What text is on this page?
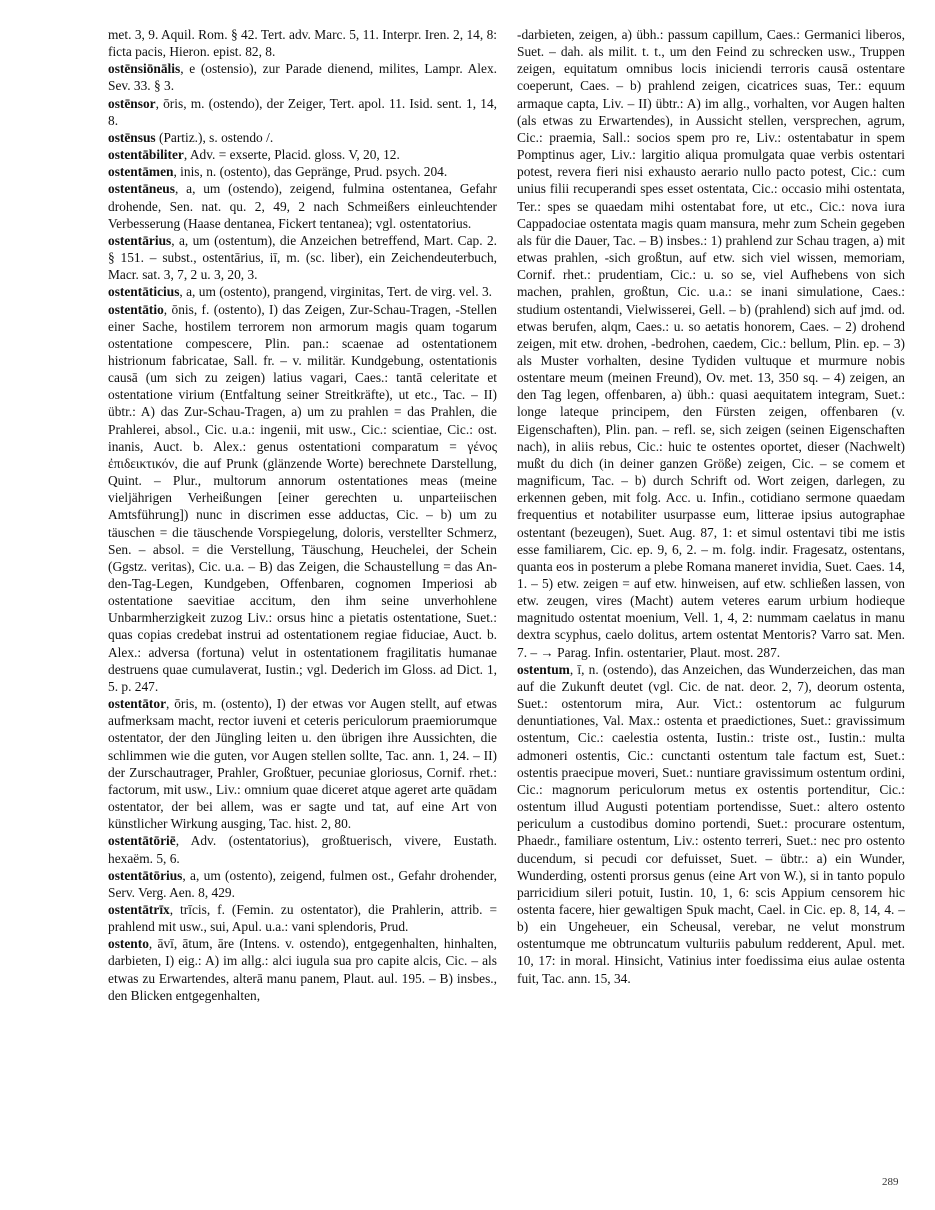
met. 3, 9. Aquil. Rom. § 42. Tert. adv. Marc. 5, 11. Interpr. Iren. 2, 14, 8: ficta pacis, Hieron. epist. 82, 8.

ostēnsiōnālis, e (ostensio), zur Parade dienend, milites, Lampr. Alex. Sev. 33. § 3.

ostēnsor, ōris, m. (ostendo), der Zeiger, Tert. apol. 11. Isid. sent. 1, 14, 8.

ostēnsus (Partiz.), s. ostendo /.

ostentābiliter, Adv. = exserte, Placid. gloss. V, 20, 12.

ostentāmen, inis, n. (ostento), das Gepränge, Prud. psych. 204.

ostentāneus, a, um (ostendo), zeigend, fulmina ostentanea, Gefahr drohende, Sen. nat. qu. 2, 49, 2 nach Schmeißers einleuchtender Verbesserung (Haase dentanea, Fickert tentanea); vgl. ostentatorius.

ostentārius, a, um (ostentum), die Anzeichen betreffend, Mart. Cap. 2. § 151. – subst., ostentārius, iī, m. (sc. liber), ein Zeichendeuterbuch, Macr. sat. 3, 7, 2 u. 3, 20, 3.

ostentāticius, a, um (ostento), prangend, virginitas, Tert. de virg. vel. 3.

ostentātio, ōnis, f. (ostento), I) das Zeigen, Zur-Schau-Tragen, -Stellen einer Sache, hostilem terrorem non armorum magis quam togarum ostentatione compescere, Plin. pan.: scaenae ad ostentationem histrionum fabricatae, Sall. fr. – v. militär. Kundgebung, ostentationis causā (um sich zu zeigen) latius vagari, Caes.: tantā celeritate et ostentatione virium (Entfaltung seiner Streitkräfte), ut etc., Tac. – II) übtr.: A) das Zur-Schau-Tragen, a) um zu prahlen = das Prahlen, die Prahlerei, absol., Cic. u.a.: ingenii, mit usw., Cic.: scientiae, Cic.: ost. inanis, Auct. b. Alex.: genus ostentationi comparatum = γένος ἐπιδεικτικόν, die auf Prunk (glänzende Worte) berechnete Darstellung, Quint. – Plur., multorum annorum ostentationes meas (meine vieljährigen Verheißungen [einer gerechten u. unparteiischen Amtsführung]) nunc in discrimen esse adductas, Cic. – b) um zu täuschen = die täuschende Vorspiegelung, doloris, verstellter Schmerz, Sen. – absol. = die Verstellung, Täuschung, Heuchelei, der Schein (Ggstz. veritas), Cic. u.a. – B) das Zeigen, die Schaustellung = das An-den-Tag-Legen, Kundgeben, Offenbaren, cognomen Imperiosi ab ostentatione saevitiae accitum, den ihm seine unverhohlene Unbarmherzigkeit zuzog Liv.: orsus hinc a pietatis ostentatione, Suet.: quas copias credebat instrui ad ostentationem regiae fiduciae, Auct. b. Alex.: adversa (fortuna) velut in ostentationem fragilitatis humanae destruens quae cumulaverat, Iustin.; vgl. Dederich im Gloss. ad Dict. 1, 5. p. 247.

ostentātor, ōris, m. (ostento), I) der etwas vor Augen stellt, auf etwas aufmerksam macht, rector iuveni et ceteris periculorum praemiorumque ostentator, der den Jüngling leiten u. den übrigen ihre Aussichten, die schlimmen wie die guten, vor Augen stellen sollte, Tac. ann. 1, 24. – II) der Zurschautrager, Prahler, Großtuer, pecuniae gloriosus, Cornif. rhet.: factorum, mit usw., Liv.: omnium quae diceret atque ageret arte quādam ostentator, der bei allem, was er sagte und tat, auf eine Art von künstlicher Wirkung ausging, Tac. hist. 2, 80.

ostentātōriē, Adv. (ostentatorius), großtuerisch, vivere, Eustath. hexaëm. 5, 6.

ostentātōrius, a, um (ostento), zeigend, fulmen ost., Gefahr drohender, Serv. Verg. Aen. 8, 429.

ostentātrīx, trīcis, f. (Femin. zu ostentator), die Prahlerin, attrib. = prahlend mit usw., sui, Apul. u.a.: vani splendoris, Prud.

ostento, āvī, ātum, āre (Intens. v. ostendo), entgegenhalten, hinhalten, darbieten, I) eig.: A) im allg.: alci iugula sua pro capite alcis, Cic. – als etwas zu Erwartendes, alterā manu panem, Plaut. aul. 195. – B) insbes., den Blicken entgegenhalten,

-darbieten, zeigen, a) übh.: passum capillum, Caes.: Germanici liberos, Suet. – dah. als milit. t. t., um den Feind zu schrecken usw., Truppen zeigen, equitatum omnibus locis iniciendi terroris causā ostentare coeperunt, Caes. – b) prahlend zeigen, cicatrices suas, Ter.: equum armaque capta, Liv. – II) übtr.: A) im allg., vorhalten, vor Augen halten (als etwas zu Erwartendes), in Aussicht stellen, versprechen, agrum, Cic.: praemia, Sall.: socios spem pro re, Liv.: ostentabatur in spem Pomptinus ager, Liv.: largitio aliqua promulgata quae verbis ostentari potest, revera fieri nisi exhausto aerario nullo pacto potest, Cic.: cum unius filii recuperandi spes esset ostentata, Cic.: occasio mihi ostentata, Ter.: spes se quaedam mihi ostentabat fore, ut etc., Cic.: nova iura Cappadociae ostentata magis quam mansura, mehr zum Schein gegeben als für die Dauer, Tac. – B) insbes.: 1) prahlend zur Schau tragen, a) mit etwas prahlen, -sich großtun, auf etw. sich viel wissen, memoriam, Cornif. rhet.: prudentiam, Cic.: u. so se, viel Aufhebens von sich machen, prahlen, großtun, Cic. u.a.: se inani simulatione, Caes.: studium ostentandi, Vielwisserei, Gell. – b) (prahlend) sich auf jmd. od. etwas berufen, alqm, Caes.: u. so aetatis honorem, Caes. – 2) drohend zeigen, mit etw. drohen, -bedrohen, caedem, Cic.: bellum, Plin. ep. – 3) als Muster vorhalten, desine Tydiden vultuque et murmure nobis ostentare meum (meinen Freund), Ov. met. 13, 350 sq. – 4) zeigen, an den Tag legen, offenbaren, a) übh.: quasi aequitatem integram, Suet.: longe lateque principem, den Fürsten zeigen, offenbaren (v. Eigenschaften), Plin. pan. – refl. se, sich zeigen (seinen Eigenschaften nach), in aliis rebus, Cic.: huic te ostentes oportet, dieser (Nachwelt) mußt du dich (in deiner ganzen Größe) zeigen, Cic. – se comem et magnificum, Tac. – b) durch Schrift od. Wort zeigen, darlegen, zu erkennen geben, mit folg. Acc. u. Infin., cotidiano sermone quaedam frequentius et notabiliter usurpasse eum, litterae ipsius autographae ostentant (bezeugen), Suet. Aug. 87, 1: et simul ostentavi tibi me istis esse familiarem, Cic. ep. 9, 6, 2. – m. folg. indir. Fragesatz, ostentans, quanta eos in posterum a plebe Romana maneret invidia, Suet. Caes. 14, 1. – 5) etw. zeigen = auf etw. hinweisen, auf etw. schließen lassen, von etw. zeugen, vires (Macht) autem veteres earum urbium hodieque magnitudo ostentat moenium, Vell. 1, 4, 2: nummam caelatus in manu dextra scyphus, caelo dolitus, artem ostentat Mentoris? Varro sat. Men. 7. – → Parag. Infin. ostentarier, Plaut. most. 287.

ostentum, ī, n. (ostendo), das Anzeichen, das Wunderzeichen, das man auf die Zukunft deutet (vgl. Cic. de nat. deor. 2, 7), deorum ostenta, Suet.: ostentorum mira, Aur. Vict.: ostentorum ac fulgurum denuntiationes, Val. Max.: ostenta et praedictiones, Suet.: gravissimum ostentum, Cic.: caelestia ostenta, Iustin.: triste ost., Iustin.: multa admoneri ostentis, Cic.: cunctanti ostentum tale factum est, Suet.: ostentis praecipue moveri, Suet.: nuntiare gravissimum ostentum ordini, Cic.: magnorum periculorum metus ex ostentis portenditur, Cic.: ostentum illud Augusti potentiam portendisse, Suet.: altero ostento periculum a custodibus domino portendi, Suet.: procurare ostentum, Phaedr., familiare ostentum, Liv.: ostento terreri, Suet.: nec pro ostento ducendum, si pecudi cor defuisset, Suet. – übtr.: a) ein Wunder, Wunderding, ostenti prorsus genus (eine Art von W.), si in tanto populo parricidium sileri potuit, Iustin. 10, 1, 6: scis Appium censorem hic ostenta facere, hier gewaltigen Spuk macht, Cael. in Cic. ep. 8, 14, 4. – b) ein Ungeheuer, ein Scheusal, verebar, ne velut monstrum ostentumque me obtruncatum vulturiis pabulum redderent, Apul. met. 10, 17: in moral. Hinsicht, Vatinius inter foedissima eius aulae ostenta fuit, Tac. ann. 15, 34.

289
